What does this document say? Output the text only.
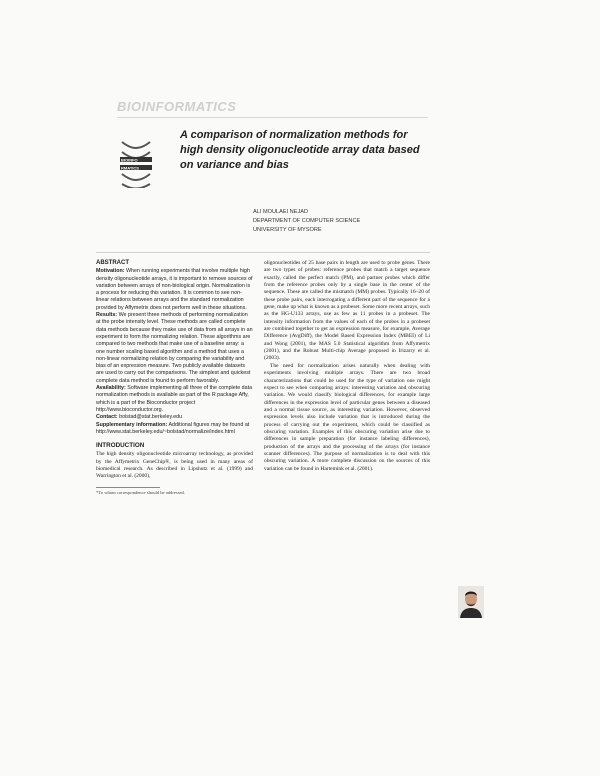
BIOINFORMATICS
BIOINFO
RMATICS
A comparison of normalization methods for high density oligonucleotide array data based on variance and bias
ALI MOULAEI NEJAD
DEPARTMENT OF COMPUTER SCIENCE
UNIVERSITY OF MYSORE
ABSTRACT

Motivation: When running experiments that involve multiple high density oligonucleotide arrays, it is important to remove sources of variation between arrays of non-biological origin. Normalization is a process for reducing this variation. It is common to see non-linear relations between arrays and the standard normalization provided by Affymetrix does not perform well in these situations.

Results: We present three methods of performing normalization at the probe intensity level. These methods are called complete data methods because they make use of data from all arrays in an experiment to form the normalizing relation. These algorithms are compared to two methods that make use of a baseline array: a one number scaling based algorithm and a method that uses a non-linear normalizing relation by comparing the variability and bias of an expression measure. Two publicly available datasets are used to carry out the comparisons. The simplest and quickest complete data method is found to perform favorably.

Availability: Software implementing all three of the complete data normalization methods is available as part of the R package Affy, which is a part of the Bioconductor project http://www.bioconductor.org.

Contact: bolstad@stat.berkeley.edu

Supplementary information: Additional figures may be found at http://www.stat.berkeley.edu/~bolstad/normalize/index.html

INTRODUCTION

The high density oligonucleotide microarray technology, as provided by the Affymetrix GeneChip®, is being used in many areas of biomedical research. As described in Lipshutz et al. (1999) and Warrington et al. (2000),

*To whom correspondence should be addressed.

oligonucleotides of 25 base pairs in length are used to probe genes. There are two types of probes: reference probes that match a target sequence exactly, called the perfect match (PM), and partner probes which differ from the reference probes only by a single base in the center of the sequence. These are called the mismatch (MM) probes. Typically 16–20 of these probe pairs, each interrogating a different part of the sequence for a gene, make up what is known as a probeset. Some more recent arrays, such as the HG-U133 arrays, use as few as 11 probes in a probeset. The intensity information from the values of each of the probes in a probeset are combined together to get an expression measure, for example, Average Difference (AvgDiff), the Model Based Expression Index (MBEI) of Li and Wong (2001), the MAS 5.0 Statistical algorithm from Affymetrix (2001), and the Robust Multi-chip Average proposed in Irizarry et al. (2003).

The need for normalization arises naturally when dealing with experiments involving multiple arrays. There are two broad characterizations that could be used for the type of variation one might expect to see when comparing arrays: interesting variation and obscuring variation. We would classify biological differences, for example large differences in the expression level of particular genes between a diseased and a normal tissue source, as interesting variation. However, observed expression levels also include variation that is introduced during the process of carrying out the experiment, which could be classified as obscuring variation. Examples of this obscuring variation arise due to differences in sample preparation (for instance labeling differences), production of the arrays and the processing of the arrays (for instance scanner differences). The purpose of normalization is to deal with this obscuring variation. A more complete discussion on the sources of this variation can be found in Hartemink et al. (2001).
